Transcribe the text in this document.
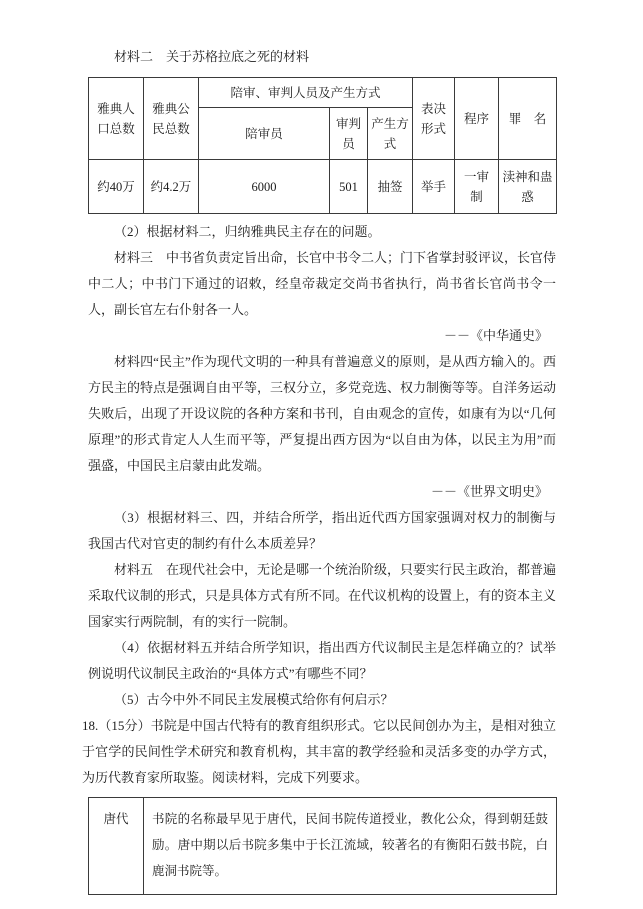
材料二　关于苏格拉底之死的材料

雅典人口总数	雅典公民总数	陪审、审判人员及产生方式			表决形式	程序	罪　名
		陪审员	审判员	产生方式			
约40万	约4.2万	6000	501	抽签	举手	一审制	渎神和蛊惑

（2）根据材料二，归纳雅典民主存在的问题。

材料三　中书省负责定旨出命，长官中书令二人；门下省掌封驳评议，长官侍中二人；中书门下通过的诏敕，经皇帝裁定交尚书省执行，尚书省长官尚书令一人，副长官左右仆射各一人。

－－《中华通史》

材料四“民主”作为现代文明的一种具有普遍意义的原则，是从西方输入的。西方民主的特点是强调自由平等，三权分立，多党竞选、权力制衡等等。自洋务运动失败后，出现了开设议院的各种方案和书刊，自由观念的宣传，如康有为以“几何原理”的形式肯定人人生而平等，严复提出西方因为“以自由为体，以民主为用”而强盛，中国民主启蒙由此发端。

－－《世界文明史》

（3）根据材料三、四，并结合所学，指出近代西方国家强调对权力的制衡与我国古代对官吏的制约有什么本质差异？

材料五　在现代社会中，无论是哪一个统治阶级，只要实行民主政治，都普遍采取代议制的形式，只是具体方式有所不同。在代议机构的设置上，有的资本主义国家实行两院制，有的实行一院制。

（4）依据材料五并结合所学知识，指出西方代议制民主是怎样确立的？试举例说明代议制民主政治的“具体方式”有哪些不同？

（5）古今中外不同民主发展模式给你有何启示？

18.（15分）书院是中国古代特有的教育组织形式。它以民间创办为主，是相对独立于官学的民间性学术研究和教育机构，其丰富的教学经验和灵活多变的办学方式，为历代教育家所取鉴。阅读材料，完成下列要求。

唐代	书院的名称最早见于唐代，民间书院传道授业，教化公众，得到朝廷鼓励。唐中期以后书院多集中于长江流域，较著名的有衡阳石鼓书院，白鹿洞书院等。
